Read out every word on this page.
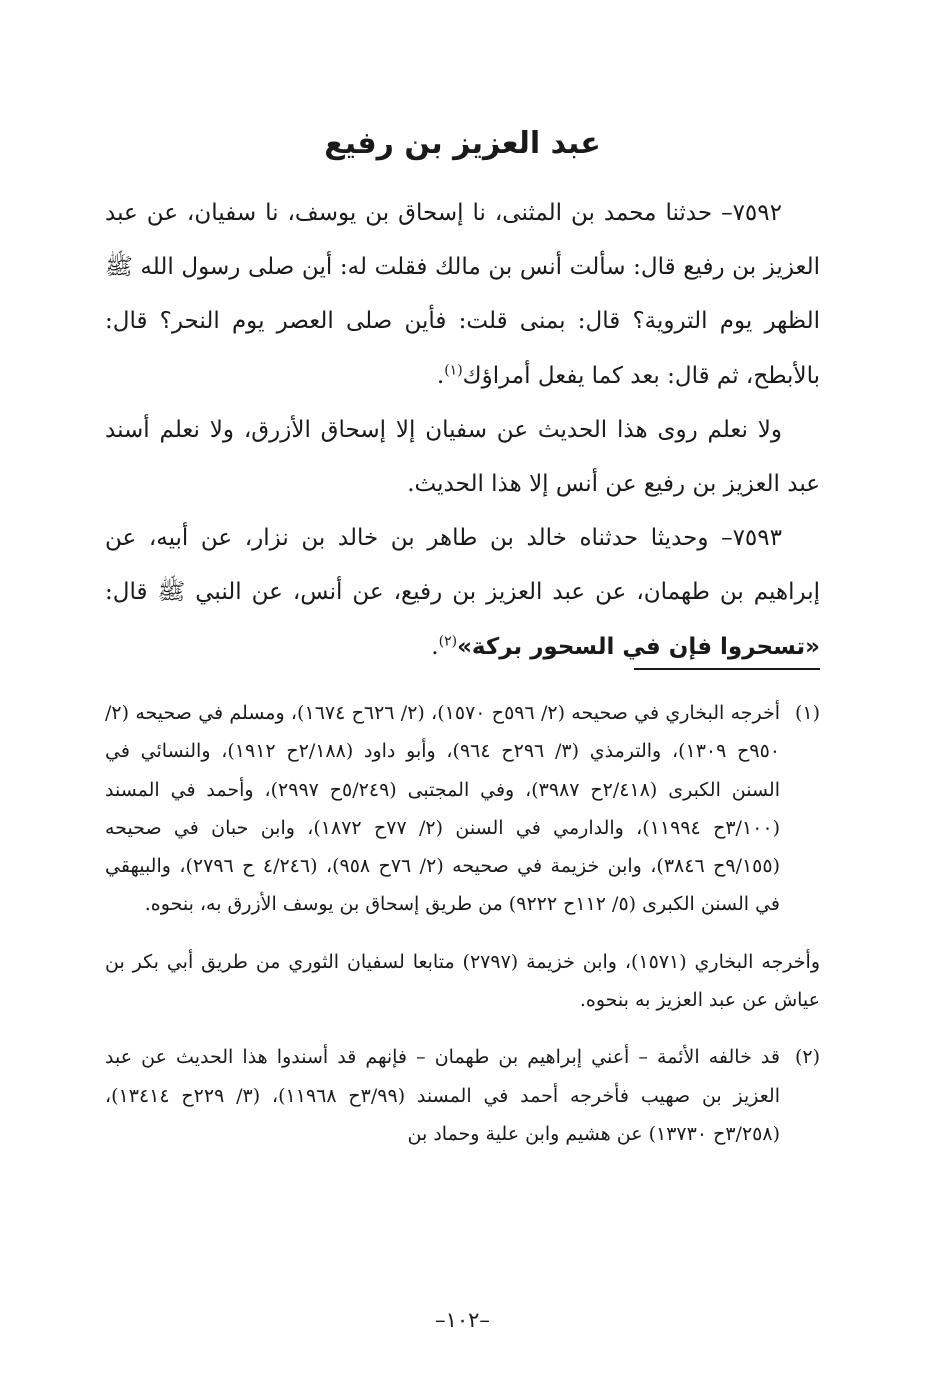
عبد العزيز بن رفيع

٧٥٩٢– حدثنا محمد بن المثنى، نا إسحاق بن يوسف، نا سفيان، عن عبد العزيز بن رفيع قال: سألت أنس بن مالك فقلت له: أين صلى رسول الله ﷺ الظهر يوم التروية؟ قال: بمنى قلت: فأين صلى العصر يوم النحر؟ قال: بالأبطح، ثم قال: بعد كما يفعل أمراؤك$^{(١)}$.

ولا نعلم روى هذا الحديث عن سفيان إلا إسحاق الأزرق، ولا نعلم أسند عبد العزيز بن رفيع عن أنس إلا هذا الحديث.

٧٥٩٣– وحديثا حدثناه خالد بن طاهر بن خالد بن نزار، عن أبيه، عن إبراهيم بن طهمان، عن عبد العزيز بن رفيع، عن أنس، عن النبي ﷺ قال: «تسحروا فإن في السحور بركة»$^{(٢)}$.

(١)

أخرجه البخاري في صحيحه (٢/ ٥٩٦ح ١٥٧٠)، (٢/ ٦٢٦ح ١٦٧٤)، ومسلم في صحيحه (٢/ ٩٥٠ح ١٣٠٩)، والترمذي (٣/ ٢٩٦ح ٩٦٤)، وأبو داود (٢/١٨٨ح ١٩١٢)، والنسائي في السنن الكبرى (٢/٤١٨ح ٣٩٨٧)، وفي المجتبى (٥/٢٤٩ح ٢٩٩٧)، وأحمد في المسند (٣/١٠٠ح ١١٩٩٤)، والدارمي في السنن (٢/ ٧٧ح ١٨٧٢)، وابن حبان في صحيحه (٩/١٥٥ح ٣٨٤٦)، وابن خزيمة في صحيحه (٢/ ٧٦ح ٩٥٨)، (٤/٢٤٦ ح ٢٧٩٦)، والبيهقي في السنن الكبرى (٥/ ١١٢ح ٩٢٢٢) من طريق إسحاق بن يوسف الأزرق به، بنحوه.

وأخرجه البخاري (١٥٧١)، وابن خزيمة (٢٧٩٧) متابعا لسفيان الثوري من طريق أبي بكر بن عياش عن عبد العزيز به بنحوه.

(٢)

قد خالفه الأئمة – أعني إبراهيم بن طهمان – فإنهم قد أسندوا هذا الحديث عن عبد العزيز بن صهيب فأخرجه أحمد في المسند (٣/٩٩ح ١١٩٦٨)، (٣/ ٢٢٩ح ١٣٤١٤)، (٣/٢٥٨ح ١٣٧٣٠) عن هشيم وابن علية وحماد بن

–١٠٢–
